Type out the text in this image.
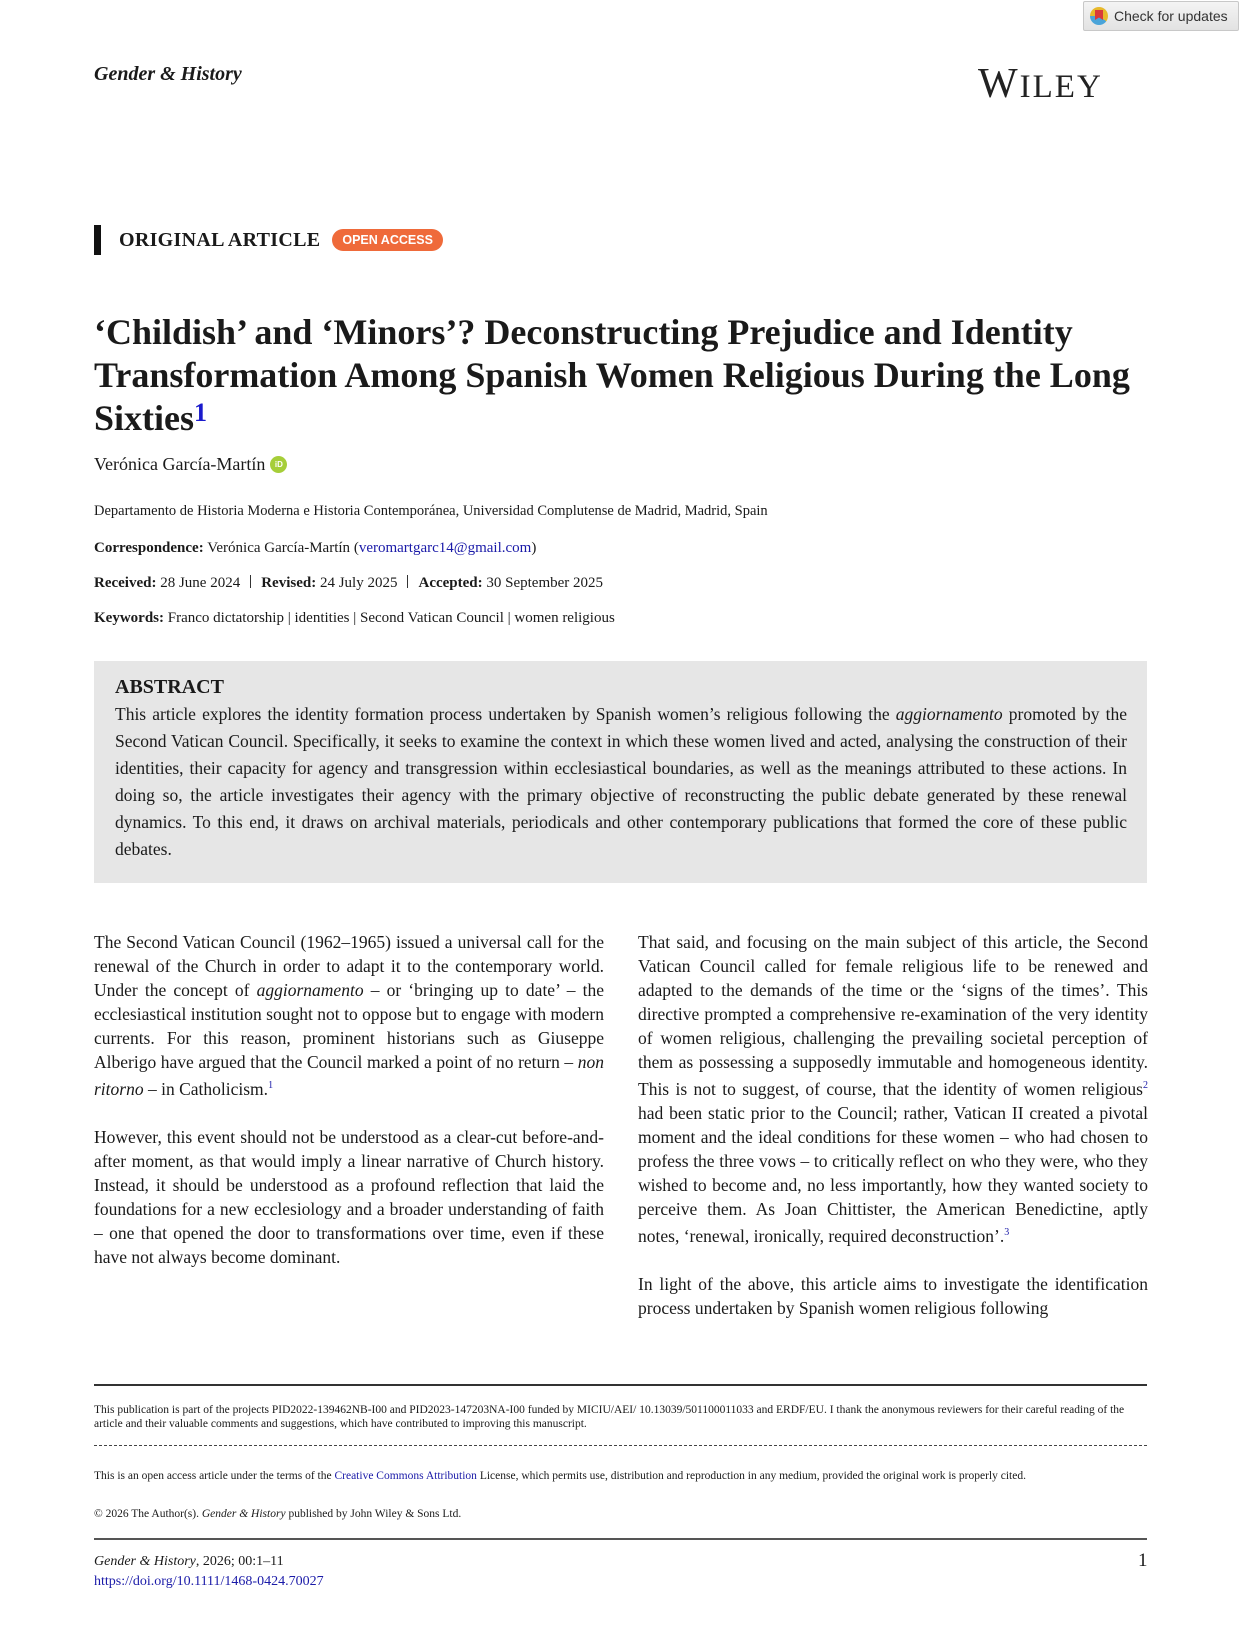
Check for updates
Gender & History	WILEY
ORIGINAL ARTICLE	OPEN ACCESS
‘Childish’ and ‘Minors’? Deconstructing Prejudice and Identity Transformation Among Spanish Women Religious During the Long Sixties$^1$
Verónica García-Martín	iD
Departamento de Historia Moderna e Historia Contemporánea, Universidad Complutense de Madrid, Madrid, Spain
Correspondence: Verónica García-Martín (veromartgarc14@gmail.com)
Received: 28 June 2024 Revised: 24 July 2025 Accepted: 30 September 2025
Keywords: Franco dictatorship | identities | Second Vatican Council | women religious
ABSTRACT

This article explores the identity formation process undertaken by Spanish women’s religious following the aggiornamento promoted by the Second Vatican Council. Specifically, it seeks to examine the context in which these women lived and acted, analysing the construction of their identities, their capacity for agency and transgression within ecclesiastical boundaries, as well as the meanings attributed to these actions. In doing so, the article investigates their agency with the primary objective of reconstructing the public debate generated by these renewal dynamics. To this end, it draws on archival materials, periodicals and other contemporary publications that formed the core of these public debates.

The Second Vatican Council (1962–1965) issued a universal call for the renewal of the Church in order to adapt it to the contemporary world. Under the concept of aggiornamento – or ‘bringing up to date’ – the ecclesiastical institution sought not to oppose but to engage with modern currents. For this reason, prominent historians such as Giuseppe Alberigo have argued that the Council marked a point of no return – non ritorno – in Catholicism.$^1$

However, this event should not be understood as a clear-cut before-and-after moment, as that would imply a linear narrative of Church history. Instead, it should be understood as a profound reflection that laid the foundations for a new ecclesiology and a broader understanding of faith – one that opened the door to transformations over time, even if these have not always become dominant.

That said, and focusing on the main subject of this article, the Second Vatican Council called for female religious life to be renewed and adapted to the demands of the time or the ‘signs of the times’. This directive prompted a comprehensive re-examination of the very identity of women religious, challenging the prevailing societal perception of them as possessing a supposedly immutable and homogeneous identity. This is not to suggest, of course, that the identity of women religious$^2$ had been static prior to the Council; rather, Vatican II created a pivotal moment and the ideal conditions for these women – who had chosen to profess the three vows – to critically reflect on who they were, who they wished to become and, no less importantly, how they wanted society to perceive them. As Joan Chittister, the American Benedictine, aptly notes, ‘renewal, ironically, required deconstruction’.$^3$

In light of the above, this article aims to investigate the identification process undertaken by Spanish women religious following

This publication is part of the projects PID2022-139462NB-I00 and PID2023-147203NA-I00 funded by MICIU/AEI/ 10.13039/501100011033 and ERDF/EU. I thank the anonymous reviewers for their careful reading of the article and their valuable comments and suggestions, which have contributed to improving this manuscript.
This is an open access article under the terms of the Creative Commons Attribution License, which permits use, distribution and reproduction in any medium, provided the original work is properly cited.
© 2026 The Author(s). Gender & History published by John Wiley & Sons Ltd.
Gender & History, 2026; 00:1–11
https://doi.org/10.1111/1468-0424.70027
1
